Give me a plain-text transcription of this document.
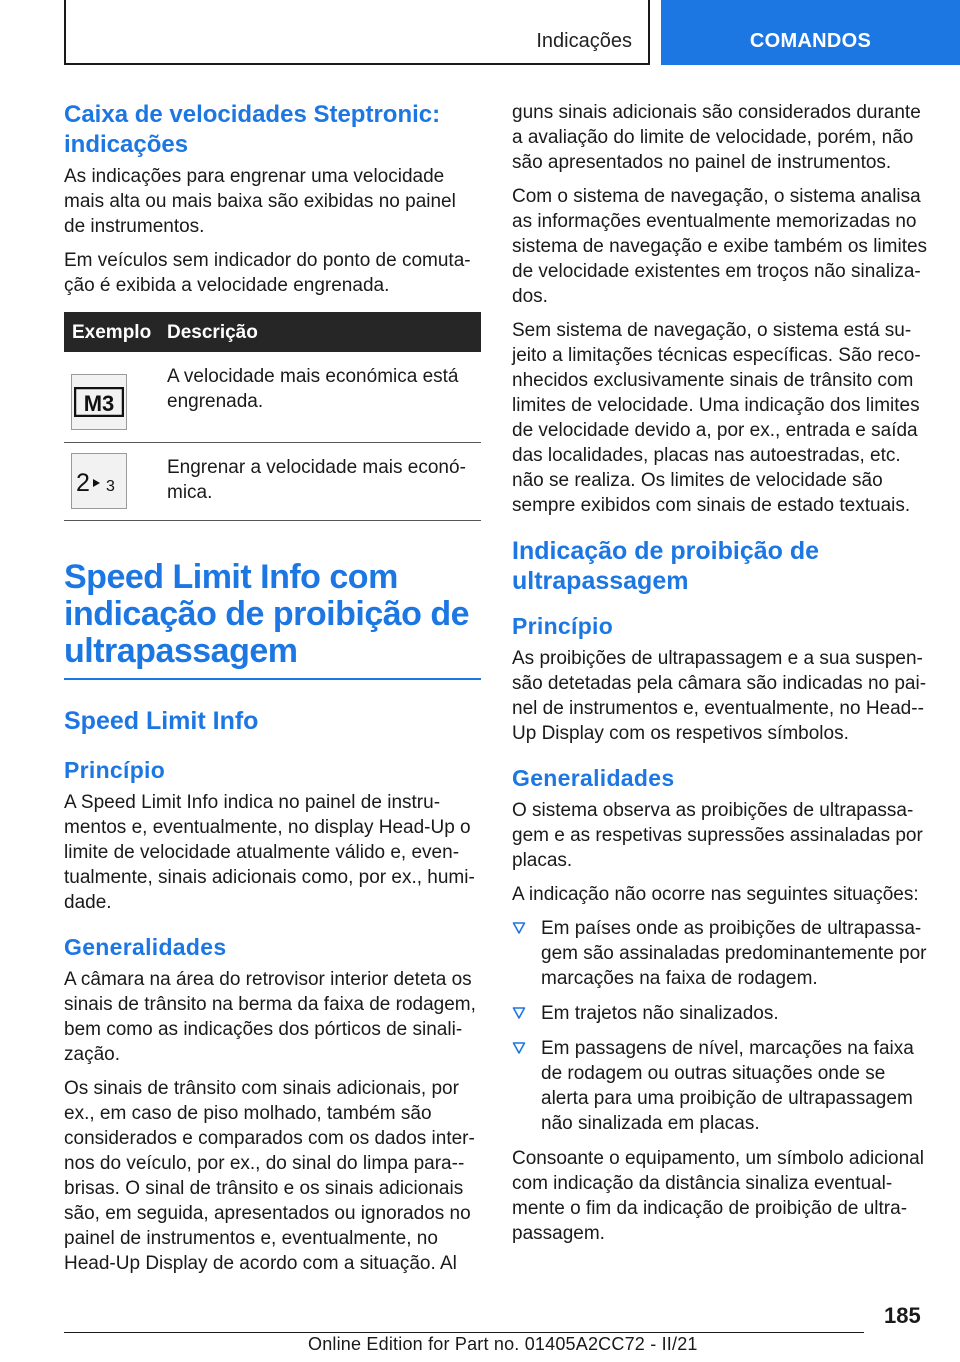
Indicações	COMANDOS
Caixa de velocidades Steptronic: indicações

As indicações para engrenar uma velocidade mais alta ou mais baixa são exibidas no painel de instrumentos.

Em veículos sem indicador do ponto de comutação é exibida a velocidade engrenada.

Exemplo	Descrição

M3	A velocidade mais económica está engrenada.

2 3	Engrenar a velocidade mais económica.
Speed Limit Info com indicação de proibição de ultrapassagem
Speed Limit Info
Princípio

A Speed Limit Info indica no painel de instrumentos e, eventualmente, no display Head-Up o limite de velocidade atualmente válido e, eventualmente, sinais adicionais como, por ex., humidade.

Generalidades

A câmara na área do retrovisor interior deteta os sinais de trânsito na berma da faixa de rodagem, bem como as indicações dos pórticos de sinalização.

Os sinais de trânsito com sinais adicionais, por ex., em caso de piso molhado, também são considerados e comparados com os dados internos do veículo, por ex., do sinal do limpa para-brisas. O sinal de trânsito e os sinais adicionais são, em seguida, apresentados ou ignorados no painel de instrumentos e, eventualmente, no Head-Up Display de acordo com a situação. Al

guns sinais adicionais são considerados durante a avaliação do limite de velocidade, porém, não são apresentados no painel de instrumentos.

Com o sistema de navegação, o sistema analisa as informações eventualmente memorizadas no sistema de navegação e exibe também os limites de velocidade existentes em troços não sinalizados.

Sem sistema de navegação, o sistema está sujeito a limitações técnicas específicas. São reconhecidos exclusivamente sinais de trânsito com limites de velocidade. Uma indicação dos limites de velocidade devido a, por ex., entrada e saída das localidades, placas nas autoestradas, etc. não se realiza. Os limites de velocidade são sempre exibidos com sinais de estado textuais.

Indicação de proibição de ultrapassagem
Princípio

As proibições de ultrapassagem e a sua suspensão detetadas pela câmara são indicadas no painel de instrumentos e, eventualmente, no Head-Up Display com os respetivos símbolos.

Generalidades

O sistema observa as proibições de ultrapassagem e as respetivas supressões assinaladas por placas.

A indicação não ocorre nas seguintes situações:

Em países onde as proibições de ultrapassagem são assinaladas predominantemente por marcações na faixa de rodagem.
Em trajetos não sinalizados.
Em passagens de nível, marcações na faixa de rodagem ou outras situações onde se alerta para uma proibição de ultrapassagem não sinalizada em placas.

Consoante o equipamento, um símbolo adicional com indicação da distância sinaliza eventualmente o fim da indicação de proibição de ultrapassagem.

185
Online Edition for Part no. 01405A2CC72 - II/21
